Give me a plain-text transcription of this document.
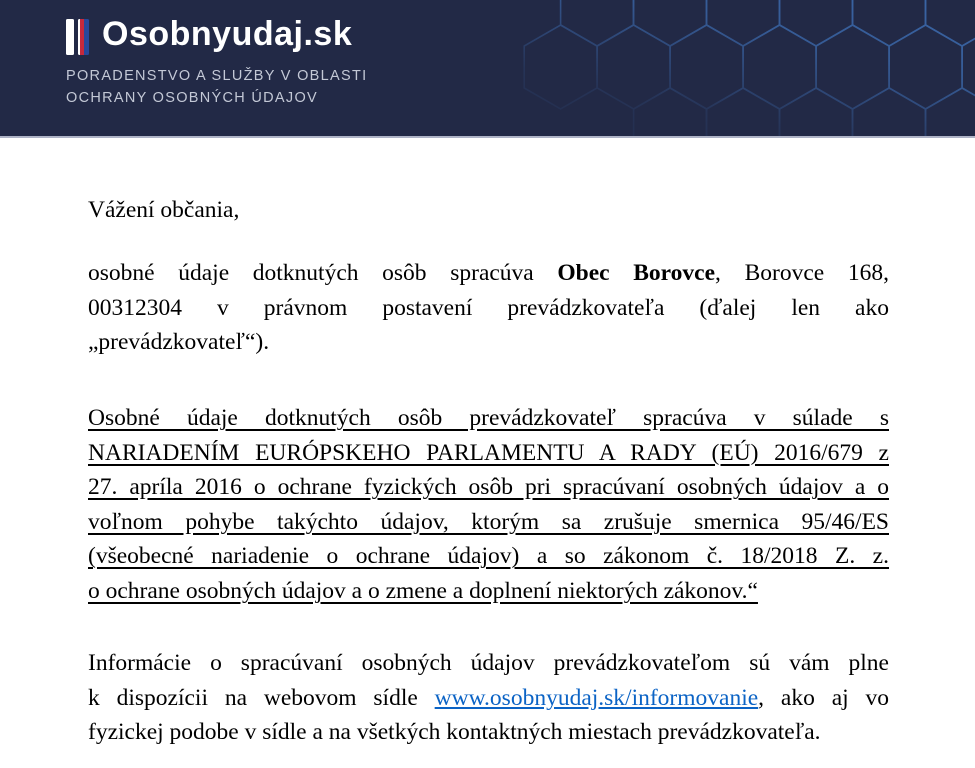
Osobnyudaj.sk
PORADENSTVO A SLUŽBY V OBLASTI
OCHRANY OSOBNÝCH ÚDAJOV

Vážení občania,

osobné údaje dotknutých osôb spracúva Obec Borovce, Borovce 168,
00312304 v právnom postavení prevádzkovateľa (ďalej len ako
„prevádzkovateľ“).

Osobné údaje dotknutých osôb prevádzkovateľ spracúva v súlade s
NARIADENÍM EURÓPSKEHO PARLAMENTU A RADY (EÚ) 2016/679 z
27. apríla 2016 o ochrane fyzických osôb pri spracúvaní osobných údajov a o
voľnom pohybe takýchto údajov, ktorým sa zrušuje smernica 95/46/ES
(všeobecné nariadenie o ochrane údajov) a so zákonom č. 18/2018 Z. z.
o ochrane osobných údajov a o zmene a doplnení niektorých zákonov.“

Informácie o spracúvaní osobných údajov prevádzkovateľom sú vám plne
k dispozícii na webovom sídle www.osobnyudaj.sk/informovanie, ako aj vo
fyzickej podobe v sídle a na všetkých kontaktných miestach prevádzkovateľa.
